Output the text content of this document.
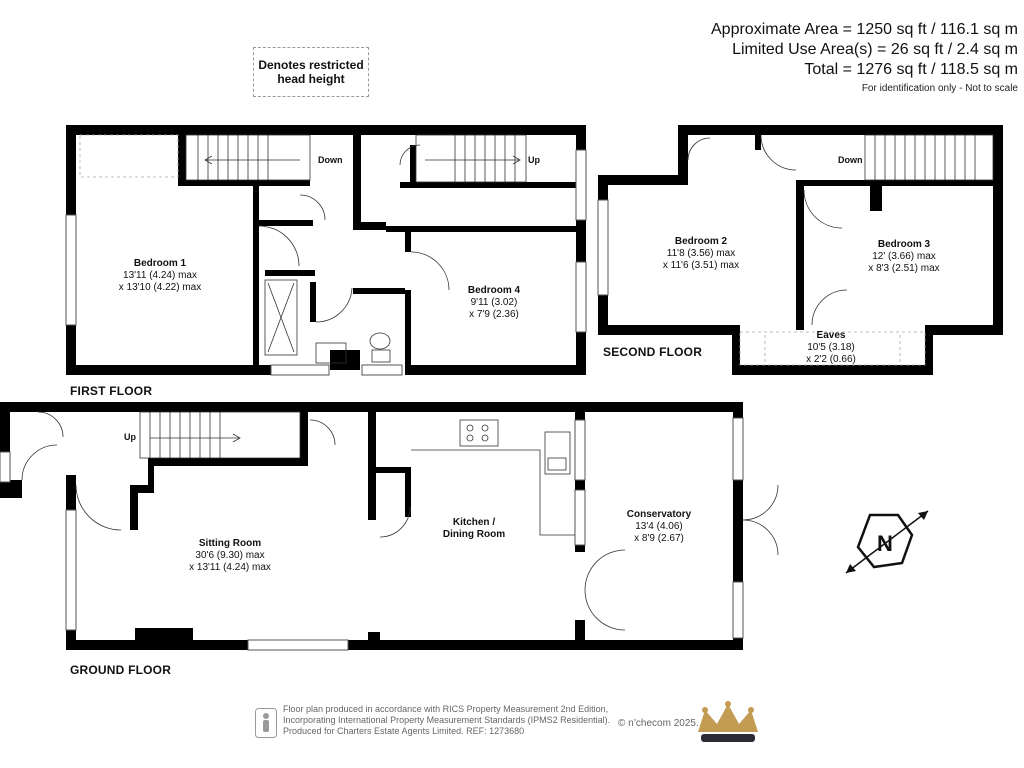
Approximate Area = 1250 sq ft / 116.1 sq m
Limited Use Area(s) = 26 sq ft / 2.4 sq m
Total = 1276 sq ft / 118.5 sq m
For identification only - Not to scale
Denotes restricted
head height
Down	Up	Down
Up
Bedroom 1
13'11 (4.24) max
x 13'10 (4.22) max	Bedroom 4
9'11 (3.02)
x 7'9 (2.36)
Bedroom 2
11'8 (3.56) max
x 11'6 (3.51) max
Bedroom 3
12' (3.66) max
x 8'3 (2.51) max
Eaves
10'5 (3.18)
x 2'2 (0.66)
Sitting Room
30'6 (9.30) max
x 13'11 (4.24) max
Kitchen /
Dining Room
Conservatory
13'4 (4.06)
x 8'9 (2.67)
FIRST FLOOR
SECOND FLOOR
GROUND FLOOR
N
Floor plan produced in accordance with RICS Property Measurement 2nd Edition,
Incorporating International Property Measurement Standards (IPMS2 Residential).
Produced for Charters Estate Agents Limited. REF: 1273680
© n’checom 2025.
